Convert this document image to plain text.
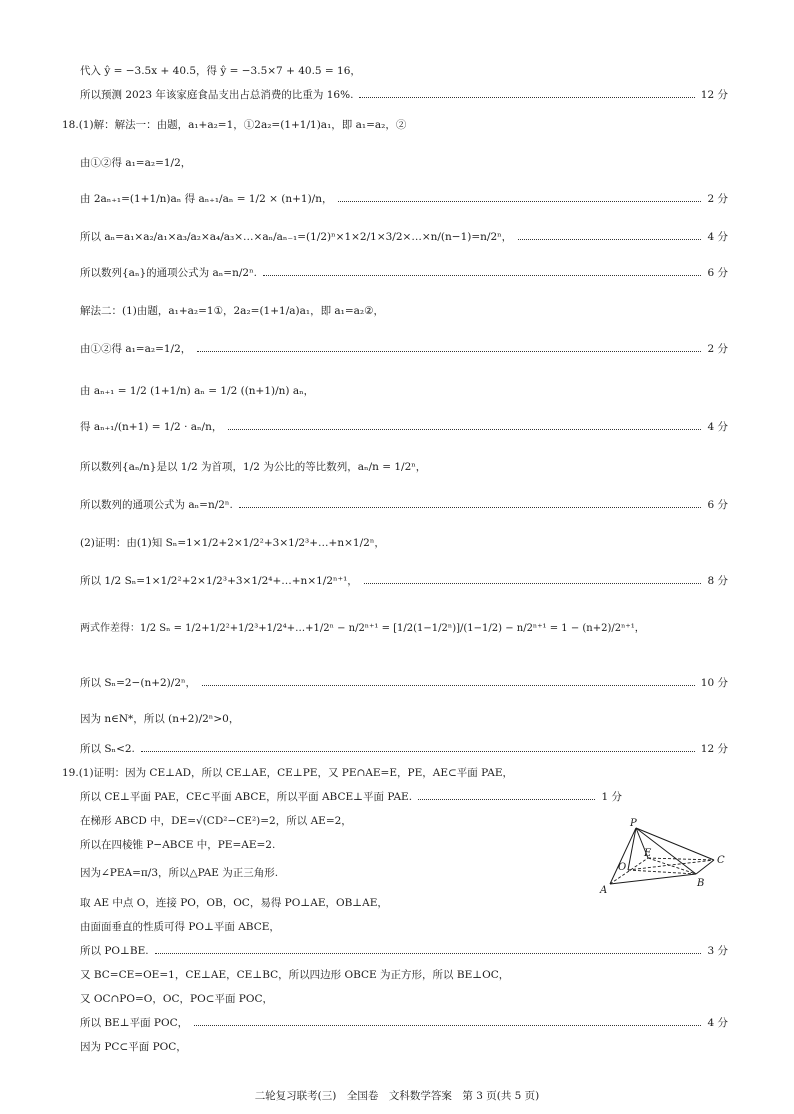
代入 ŷ = −3.5x + 40.5，得 ŷ = −3.5×7 + 40.5 = 16，
所以预测 2023 年该家庭食品支出占总消费的比重为 16%.	12 分
18.(1)解：解法一：由题，a₁+a₂=1，①2a₂=(1+1/1)a₁，即 a₁=a₂，②
由①②得 a₁=a₂=1/2，
由 2aₙ₊₁=(1+1/n)aₙ 得 aₙ₊₁/aₙ = 1/2 × (n+1)/n，	2 分
所以 aₙ=a₁×a₂/a₁×a₃/a₂×a₄/a₃×…×aₙ/aₙ₋₁=(1/2)ⁿ×1×2/1×3/2×…×n/(n−1)=n/2ⁿ，	4 分
所以数列{aₙ}的通项公式为 aₙ=n/2ⁿ.	6 分
解法二：(1)由题，a₁+a₂=1①，2a₂=(1+1/a)a₁，即 a₁=a₂②，
由①②得 a₁=a₂=1/2，	2 分
由 aₙ₊₁ = 1/2 (1+1/n) aₙ = 1/2 ((n+1)/n) aₙ，
得 aₙ₊₁/(n+1) = 1/2 · aₙ/n，	4 分
所以数列{aₙ/n}是以 1/2 为首项，1/2 为公比的等比数列，aₙ/n = 1/2ⁿ，
所以数列的通项公式为 aₙ=n/2ⁿ.	6 分
(2)证明：由(1)知 Sₙ=1×1/2+2×1/2²+3×1/2³+…+n×1/2ⁿ，
所以 1/2 Sₙ=1×1/2²+2×1/2³+3×1/2⁴+…+n×1/2ⁿ⁺¹，	8 分
两式作差得：1/2 Sₙ = 1/2+1/2²+1/2³+1/2⁴+…+1/2ⁿ − n/2ⁿ⁺¹ = [1/2(1−1/2ⁿ)]/(1−1/2) − n/2ⁿ⁺¹ = 1 − (n+2)/2ⁿ⁺¹，
所以 Sₙ=2−(n+2)/2ⁿ，	10 分
因为 n∈N*，所以 (n+2)/2ⁿ>0，
所以 Sₙ<2.	12 分
19.(1)证明：因为 CE⊥AD，所以 CE⊥AE，CE⊥PE，又 PE∩AE=E，PE，AE⊂平面 PAE，
所以 CE⊥平面 PAE，CE⊂平面 ABCE，所以平面 ABCE⊥平面 PAE.	1 分
在梯形 ABCD 中，DE=√(CD²−CE²)=2，所以 AE=2，
所以在四棱锥 P−ABCE 中，PE=AE=2.
因为∠PEA=π/3，所以△PAE 为正三角形.
取 AE 中点 O，连接 PO，OB，OC，易得 PO⊥AE，OB⊥AE，
由面面垂直的性质可得 PO⊥平面 ABCE，
所以 PO⊥BE.	3 分
又 BC=CE=OE=1，CE⊥AE，CE⊥BC，所以四边形 OBCE 为正方形，所以 BE⊥OC，
又 OC∩PO=O，OC，PO⊂平面 POC，
所以 BE⊥平面 POC，	4 分
因为 PC⊂平面 POC，
P
E
O
C
A
B
二轮复习联考(三)　全国卷　文科数学答案　第 3 页(共 5 页)
